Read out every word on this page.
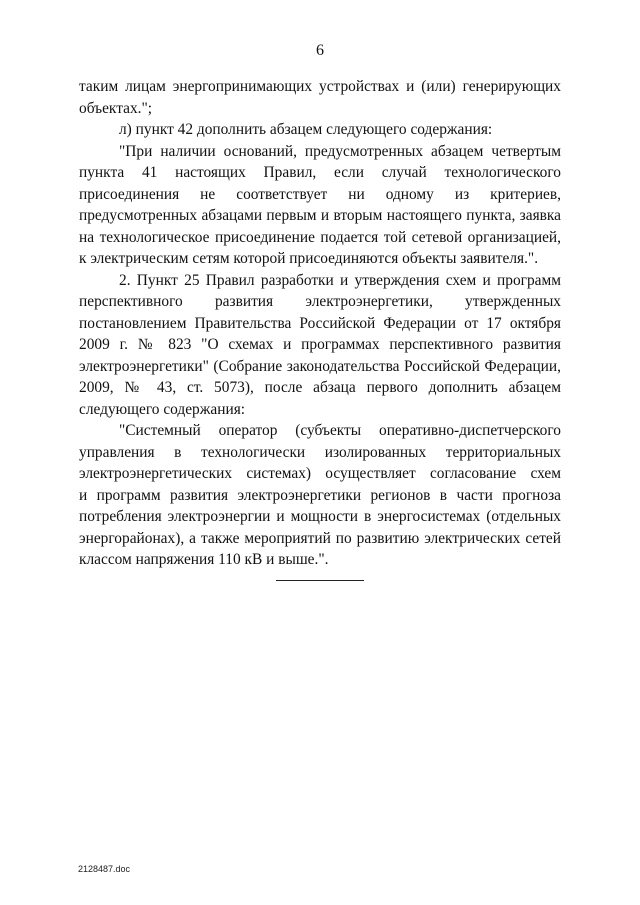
6
таким лицам энергопринимающих устройствах и (или) генерирующих
объектах.";
л) пункт 42 дополнить абзацем следующего содержания:
"При наличии оснований, предусмотренных абзацем четвертым
пункта 41 настоящих Правил, если случай технологического
присоединения не соответствует ни одному из критериев,
предусмотренных абзацами первым и вторым настоящего пункта, заявка
на технологическое присоединение подается той сетевой организацией,
к электрическим сетям которой присоединяются объекты заявителя.".
2. Пункт 25 Правил разработки и утверждения схем и программ
перспективного развития электроэнергетики, утвержденных
постановлением Правительства Российской Федерации от 17 октября
2009 г. № 823 "О схемах и программах перспективного развития
электроэнергетики" (Собрание законодательства Российской Федерации,
2009, № 43, ст. 5073), после абзаца первого дополнить абзацем
следующего содержания:
"Системный оператор (субъекты оперативно-диспетчерского
управления в технологически изолированных территориальных
электроэнергетических системах) осуществляет согласование схем
и программ развития электроэнергетики регионов в части прогноза
потребления электроэнергии и мощности в энергосистемах (отдельных
энергорайонах), а также мероприятий по развитию электрических сетей
классом напряжения 110 кВ и выше.".
2128487.doc
